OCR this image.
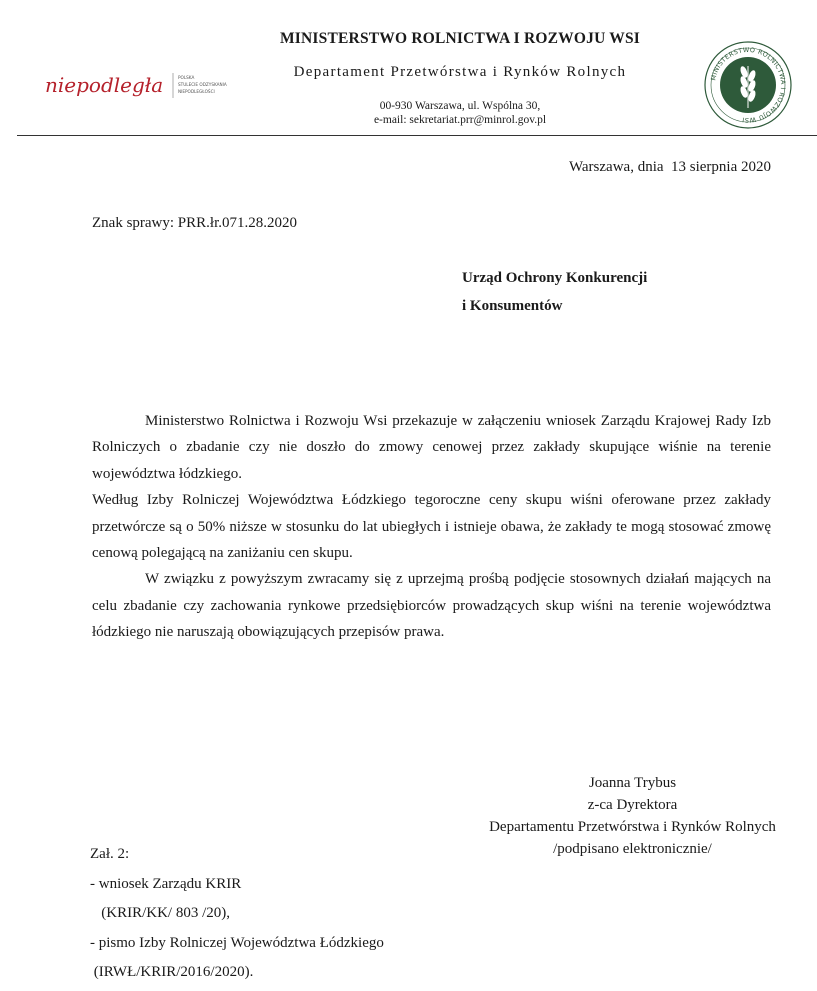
niepodległa	POLSKA
STULECIE ODZYSKANIA
NIEPODLEGŁOŚCI
MINISTERSTWO ROLNICTWA I ROZWOJU WSI
Departament Przetwórstwa i Rynków Rolnych
00-930 Warszawa, ul. Wspólna 30,
e-mail: sekretariat.prr@minrol.gov.pl
MINISTERSTWO ROLNICTWA I ROZWOJU WSI
Warszawa, dnia  13 sierpnia 2020
Znak sprawy: PRR.łr.071.28.2020
Urząd Ochrony Konkurencji
i Konsumentów

Ministerstwo Rolnictwa i Rozwoju Wsi przekazuje w załączeniu wniosek Zarządu Krajowej Rady Izb Rolniczych o zbadanie czy nie doszło do zmowy cenowej przez zakłady skupujące wiśnie na terenie województwa łódzkiego.

Według Izby Rolniczej Województwa Łódzkiego tegoroczne ceny skupu wiśni oferowane przez zakłady przetwórcze są o 50% niższe w stosunku do lat ubiegłych i istnieje obawa, że zakłady te mogą stosować zmowę cenową polegającą na zaniżaniu cen skupu.

W związku z powyższym zwracamy się z uprzejmą prośbą podjęcie stosownych działań mających na celu zbadanie czy zachowania rynkowe przedsiębiorców prowadzących skup wiśni na terenie województwa łódzkiego nie naruszają obowiązujących przepisów prawa.

Joanna Trybus
z-ca Dyrektora
Departamentu Przetwórstwa i Rynków Rolnych
/podpisano elektronicznie/
Zał. 2:
- wniosek Zarządu KRIR
(KRIR/KK/ 803 /20),
- pismo Izby Rolniczej Województwa Łódzkiego
(IRWŁ/KRIR/2016/2020).
